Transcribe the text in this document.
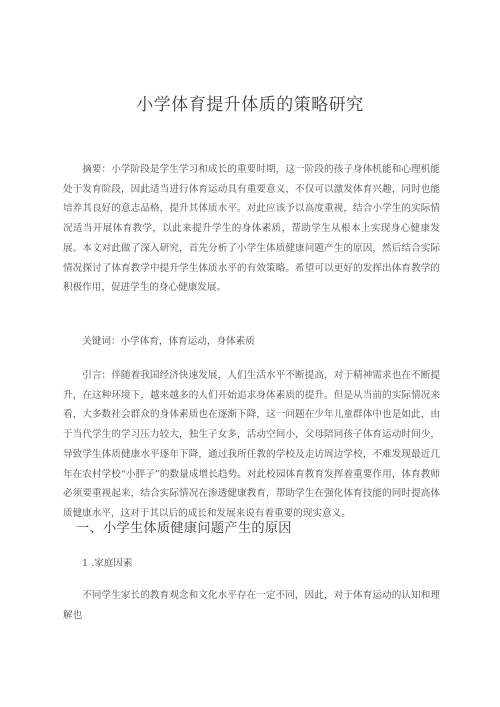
小学体育提升体质的策略研究
摘要：小学阶段是学生学习和成长的重要时期，这一阶段的孩子身体机能和心理机能处于发育阶段，因此适当进行体育运动具有重要意义，不仅可以激发体育兴趣，同时也能培养其良好的意志品格，提升其体质水平。对此应该予以高度重视，结合小学生的实际情况适当开展体育教学，以此来提升学生的身体素质，帮助学生从根本上实现身心健康发展。本文对此做了深入研究，首先分析了小学生体质健康问题产生的原因，然后结合实际情况探讨了体育教学中提升学生体质水平的有效策略。希望可以更好的发挥出体育教学的积极作用，促进学生的身心健康发展。
关键词：小学体育，体育运动，身体素质
引言：伴随着我国经济快速发展，人们生活水平不断提高，对于精神需求也在不断提升，在这种环境下，越来越多的人们开始追求身体素质的提升。但是从当前的实际情况来看，大多数社会群众的身体素质也在逐渐下降，这一问题在少年儿童群体中也是如此，由于当代学生的学习压力较大，独生子女多，活动空间小，父母陪同孩子体育运动时间少，导致学生体质健康水平逐年下降，通过我所任教的学校及走访周边学校，不难发现最近几年在农村学校“小胖子”的数量成增长趋势。对此校园体育教育发挥着重要作用，体育教师必须要重视起来，结合实际情况在渗透健康教育，帮助学生在强化体育技能的同时提高体质健康水平，这对于其以后的成长和发展来说有着重要的现实意义。
一、小学生体质健康问题产生的原因
1 .家庭因素
不同学生家长的教育观念和文化水平存在一定不同，因此，对于体育运动的认知和理解也
